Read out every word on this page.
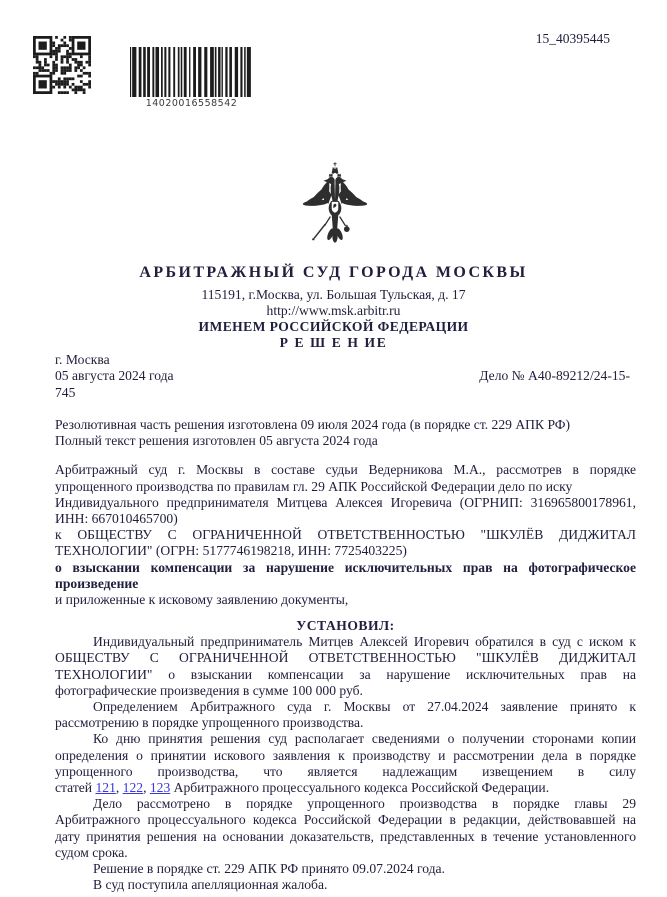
14020016558542
15_40395445
АРБИТРАЖНЫЙ СУД ГОРОДА МОСКВЫ
115191, г.Москва, ул. Большая Тульская, д. 17
http://www.msk.arbitr.ru
ИМЕНЕМ РОССИЙСКОЙ ФЕДЕРАЦИИ
Р Е Ш Е Н ИЕ
г. Москва
05 августа 2024 года	Дело № А40-89212/24-15-
745
Резолютивная часть решения изготовлена 09 июля 2024 года (в порядке ст. 229 АПК РФ)
Полный текст решения изготовлен 05 августа 2024 года
Арбитражный суд г. Москвы в составе судьи Ведерникова М.А., рассмотрев в порядке
упрощенного производства по правилам гл. 29 АПК Российской Федерации дело по иску
Индивидуального предпринимателя Митцева Алексея Игоревича (ОГРНИП: 316965800178961,
ИНН: 667010465700)
к ОБЩЕСТВУ С ОГРАНИЧЕННОЙ ОТВЕТСТВЕННОСТЬЮ "ШКУЛЁВ ДИДЖИТАЛ
ТЕХНОЛОГИИ" (ОГРН: 5177746198218, ИНН: 7725403225)
о взыскании компенсации за нарушение исключительных прав на фотографическое
произведение
и приложенные к исковому заявлению документы,
УСТАНОВИЛ:
Индивидуальный предприниматель Митцев Алексей Игоревич обратился в суд с иском к
ОБЩЕСТВУ С ОГРАНИЧЕННОЙ ОТВЕТСТВЕННОСТЬЮ "ШКУЛЁВ ДИДЖИТАЛ
ТЕХНОЛОГИИ" о взыскании компенсации за нарушение исключительных прав на
фотографические произведения в сумме 100 000 руб.
Определением Арбитражного суда г. Москвы от 27.04.2024 заявление принято к
рассмотрению в порядке упрощенного производства.
Ко дню принятия решения суд располагает сведениями о получении сторонами копии
определения о принятии искового заявления к производству и рассмотрении дела в порядке
упрощенного производства, что является надлежащим извещением в силу
статей 121, 122, 123 Арбитражного процессуального кодекса Российской Федерации.
Дело рассмотрено в порядке упрощенного производства в порядке главы 29
Арбитражного процессуального кодекса Российской Федерации в редакции, действовавшей на
дату принятия решения на основании доказательств, представленных в течение установленного
судом срока.
Решение в порядке ст. 229 АПК РФ принято 09.07.2024 года.
В суд поступила апелляционная жалоба.
